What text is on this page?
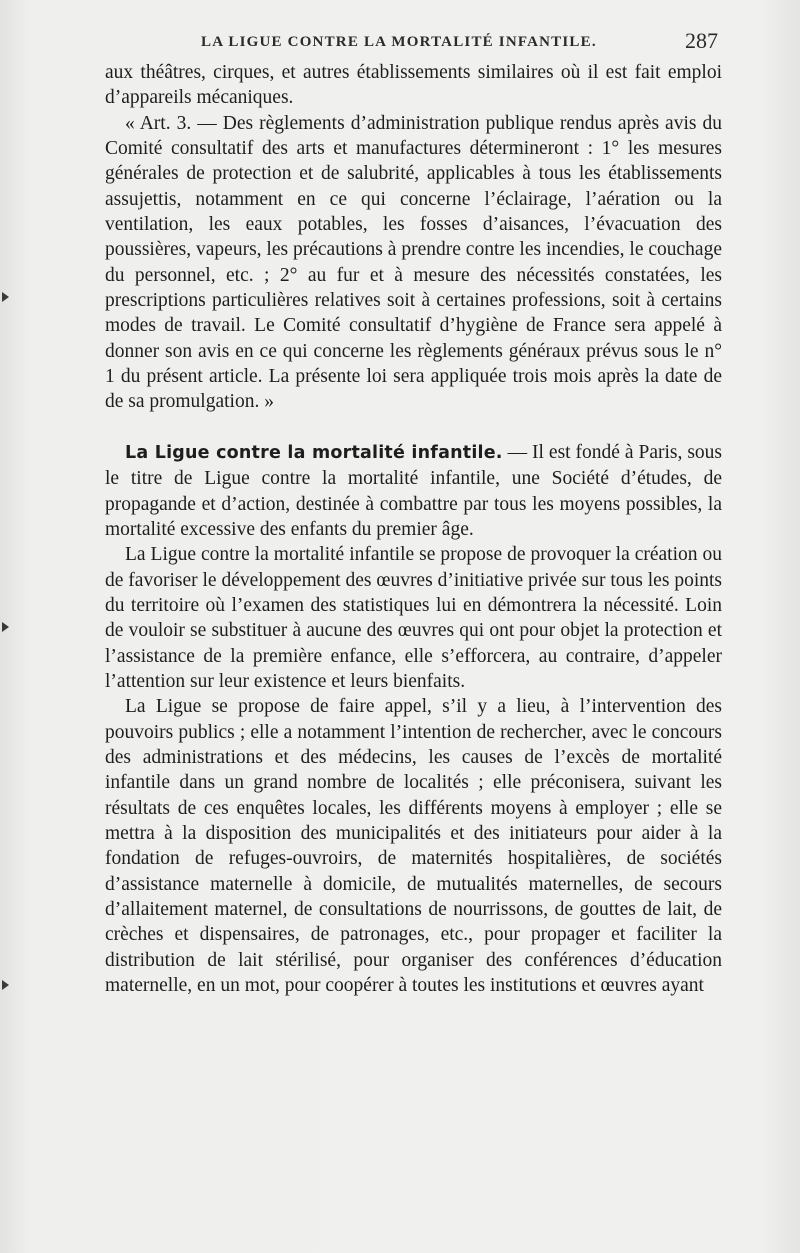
LA LIGUE CONTRE LA MORTALITÉ INFANTILE.	287

aux théâtres, cirques, et autres établissements similaires où il est fait emploi d’appareils mécaniques.

« Art. 3. — Des règlements d’administration publique rendus après avis du Comité consultatif des arts et manufactures détermineront : 1° les mesures générales de protection et de salubrité, applicables à tous les établissements assujettis, notamment en ce qui concerne l’éclairage, l’aération ou la ventilation, les eaux potables, les fosses d’aisances, l’évacuation des poussières, vapeurs, les précautions à prendre contre les incendies, le couchage du personnel, etc. ; 2° au fur et à mesure des nécessités constatées, les prescriptions particulières relatives soit à certaines professions, soit à certains modes de travail. Le Comité consultatif d’hygiène de France sera appelé à donner son avis en ce qui concerne les règlements généraux prévus sous le n° 1 du présent article. La présente loi sera appliquée trois mois après la date de de sa promulgation. »

La Ligue contre la mortalité infantile. — Il est fondé à Paris, sous le titre de Ligue contre la mortalité infantile, une Société d’études, de propagande et d’action, destinée à combattre par tous les moyens possibles, la mortalité excessive des enfants du premier âge.

La Ligue contre la mortalité infantile se propose de provoquer la création ou de favoriser le développement des œuvres d’initiative privée sur tous les points du territoire où l’examen des statistiques lui en démontrera la nécessité. Loin de vouloir se substituer à aucune des œuvres qui ont pour objet la protection et l’assistance de la première enfance, elle s’efforcera, au contraire, d’appeler l’attention sur leur existence et leurs bienfaits.

La Ligue se propose de faire appel, s’il y a lieu, à l’intervention des pouvoirs publics ; elle a notamment l’intention de rechercher, avec le concours des administrations et des médecins, les causes de l’excès de mortalité infantile dans un grand nombre de localités ; elle préconisera, suivant les résultats de ces enquêtes locales, les différents moyens à employer ; elle se mettra à la disposition des municipalités et des initiateurs pour aider à la fondation de refuges-ouvroirs, de maternités hospitalières, de sociétés d’assistance maternelle à domicile, de mutualités maternelles, de secours d’allaitement maternel, de consultations de nourrissons, de gouttes de lait, de crèches et dispensaires, de patronages, etc., pour propager et faciliter la distribution de lait stérilisé, pour organiser des conférences d’éducation maternelle, en un mot, pour coopérer à toutes les institutions et œuvres ayant
